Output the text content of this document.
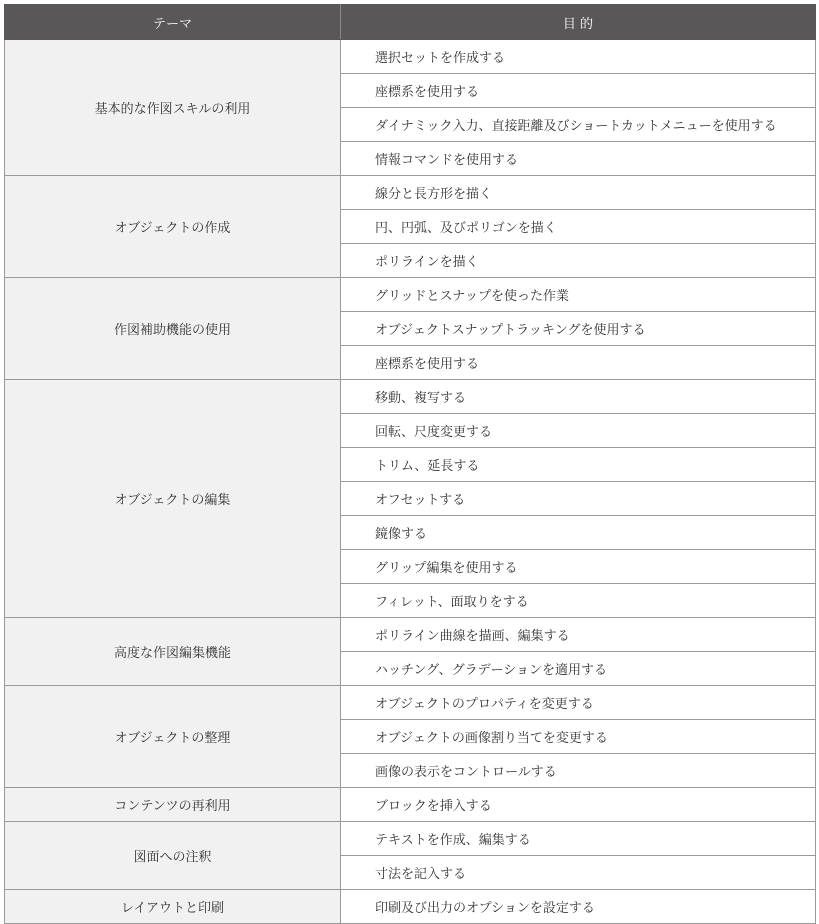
テーマ	目 的
基本的な作図スキルの利用	選択セットを作成する
	座標系を使用する
	ダイナミック入力、直接距離及びショートカットメニューを使用する
	情報コマンドを使用する
オブジェクトの作成	線分と長方形を描く
	円、円弧、及びポリゴンを描く
	ポリラインを描く
作図補助機能の使用	グリッドとスナップを使った作業
	オブジェクトスナップトラッキングを使用する
	座標系を使用する
オブジェクトの編集	移動、複写する
	回転、尺度変更する
	トリム、延長する
	オフセットする
	鏡像する
	グリップ編集を使用する
	フィレット、面取りをする
高度な作図編集機能	ポリライン曲線を描画、編集する
	ハッチング、グラデーションを適用する
オブジェクトの整理	オブジェクトのプロパティを変更する
	オブジェクトの画像割り当てを変更する
	画像の表示をコントロールする
コンテンツの再利用	ブロックを挿入する
図面への注釈	テキストを作成、編集する
	寸法を記入する
レイアウトと印刷	印刷及び出力のオプションを設定する
